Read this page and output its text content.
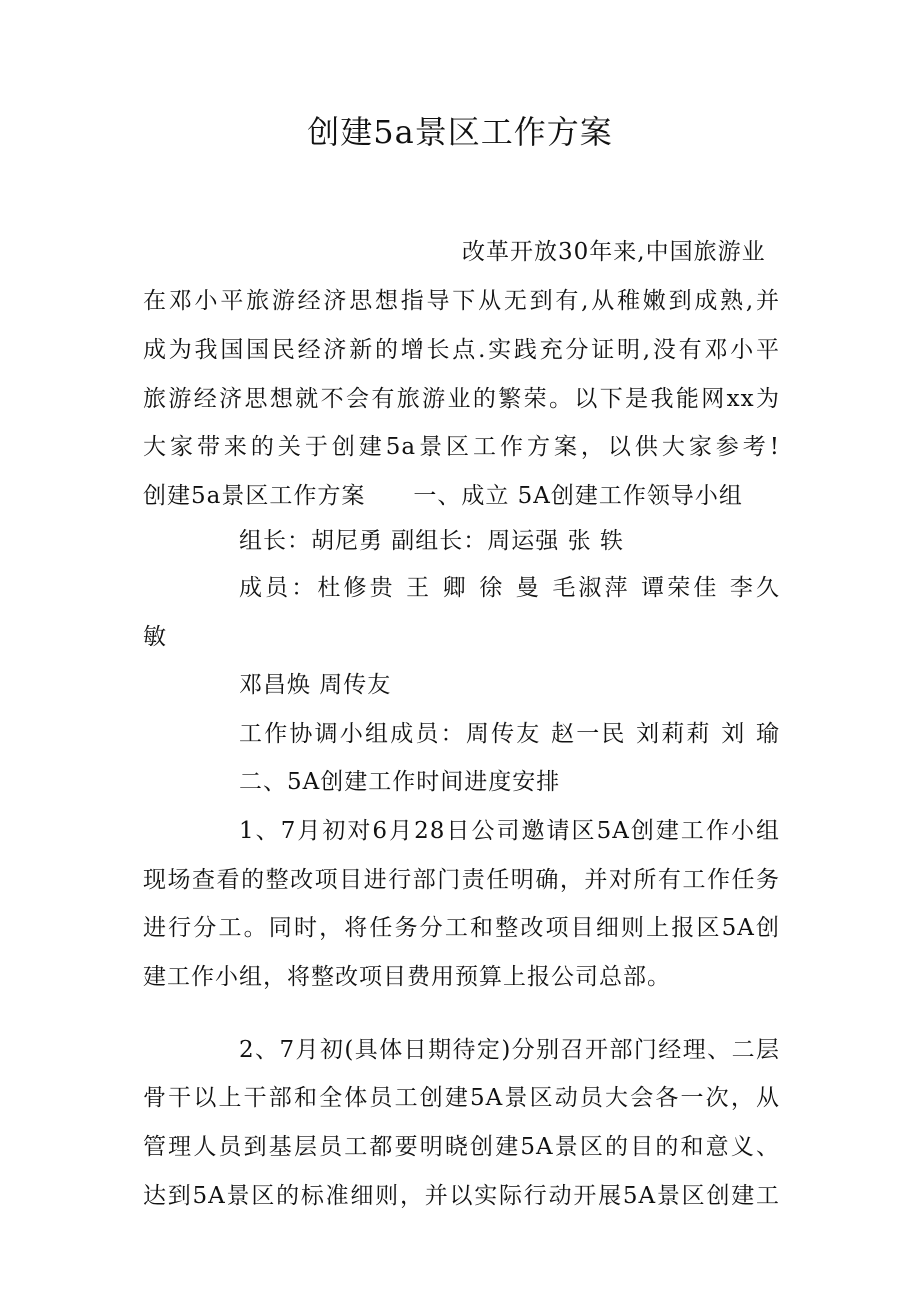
创建5a景区工作方案
改革开放30年来,中国旅游业
在邓小平旅游经济思想指导下从无到有,从稚嫩到成熟,并
成为我国国民经济新的增长点.实践充分证明,没有邓小平
旅游经济思想就不会有旅游业的繁荣。以下是我能网xx为
大家带来的关于创建5a景区工作方案，以供大家参考!
创建5a景区工作方案　　一、成立 5A创建工作领导小组
组长：胡尼勇 副组长：周运强 张 轶
成员：杜修贵 王 卿 徐 曼 毛淑萍 谭荣佳 李久
敏
邓昌焕 周传友
工作协调小组成员：周传友 赵一民 刘莉莉 刘 瑜
二、5A创建工作时间进度安排
1、7月初对6月28日公司邀请区5A创建工作小组
现场查看的整改项目进行部门责任明确，并对所有工作任务
进行分工。同时，将任务分工和整改项目细则上报区5A创
建工作小组，将整改项目费用预算上报公司总部。
2、7月初(具体日期待定)分别召开部门经理、二层
骨干以上干部和全体员工创建5A景区动员大会各一次，从
管理人员到基层员工都要明晓创建5A景区的目的和意义、
达到5A景区的标准细则，并以实际行动开展5A景区创建工
